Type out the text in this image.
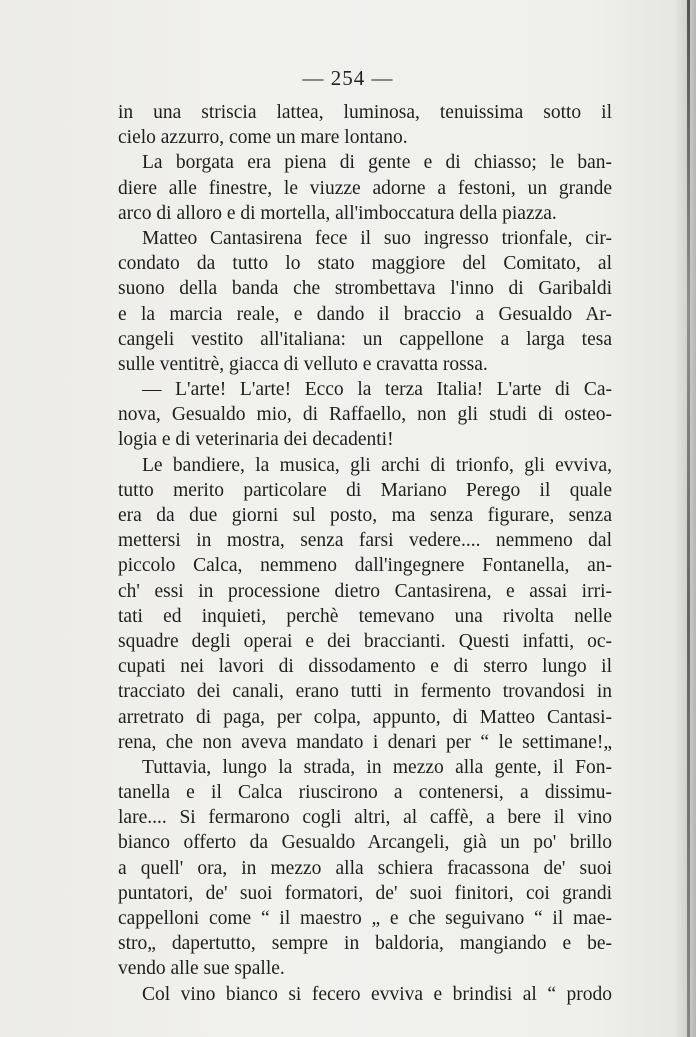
— 254 —
in una striscia lattea, luminosa, tenuissima sotto il
cielo azzurro, come un mare lontano.
La borgata era piena di gente e di chiasso; le ban-
diere alle finestre, le viuzze adorne a festoni, un grande
arco di alloro e di mortella, all'imboccatura della piazza.
Matteo Cantasirena fece il suo ingresso trionfale, cir-
condato da tutto lo stato maggiore del Comitato, al
suono della banda che strombettava l'inno di Garibaldi
e la marcia reale, e dando il braccio a Gesualdo Ar-
cangeli vestito all'italiana: un cappellone a larga tesa
sulle ventitrè, giacca di velluto e cravatta rossa.
— L'arte! L'arte! Ecco la terza Italia! L'arte di Ca-
nova, Gesualdo mio, di Raffaello, non gli studi di osteo-
logia e di veterinaria dei decadenti!
Le bandiere, la musica, gli archi di trionfo, gli evviva,
tutto merito particolare di Mariano Perego il quale
era da due giorni sul posto, ma senza figurare, senza
mettersi in mostra, senza farsi vedere.... nemmeno dal
piccolo Calca, nemmeno dall'ingegnere Fontanella, an-
ch' essi in processione dietro Cantasirena, e assai irri-
tati ed inquieti, perchè temevano una rivolta nelle
squadre degli operai e dei braccianti. Questi infatti, oc-
cupati nei lavori di dissodamento e di sterro lungo il
tracciato dei canali, erano tutti in fermento trovandosi in
arretrato di paga, per colpa, appunto, di Matteo Cantasi-
rena, che non aveva mandato i denari per “ le settimane!„
Tuttavia, lungo la strada, in mezzo alla gente, il Fon-
tanella e il Calca riuscirono a contenersi, a dissimu-
lare.... Si fermarono cogli altri, al caffè, a bere il vino
bianco offerto da Gesualdo Arcangeli, già un po' brillo
a quell' ora, in mezzo alla schiera fracassona de' suoi
puntatori, de' suoi formatori, de' suoi finitori, coi grandi
cappelloni come “ il maestro „ e che seguivano “ il mae-
stro„ dapertutto, sempre in baldoria, mangiando e be-
vendo alle sue spalle.
Col vino bianco si fecero evviva e brindisi al “ prodo
